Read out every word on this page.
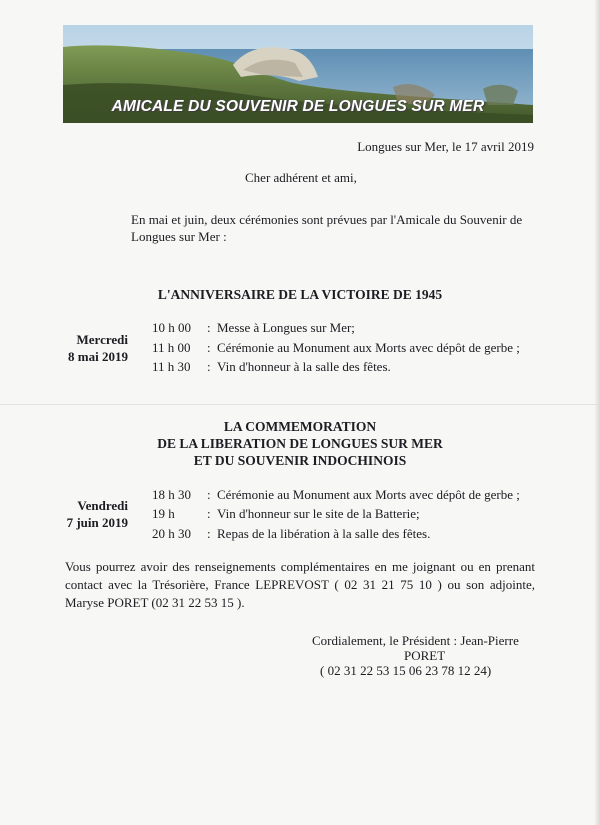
AMICALE DU SOUVENIR DE LONGUES SUR MER
Longues sur Mer, le 17 avril 2019
Cher adhérent et ami,
En mai et juin, deux cérémonies sont prévues par l'Amicale du Souvenir de Longues sur Mer :
L'ANNIVERSAIRE DE LA VICTOIRE DE 1945
Mercredi
8 mai 2019
10 h 00 : Messe à Longues sur Mer;
11 h 00 : Cérémonie au Monument aux Morts avec dépôt de gerbe ;
11 h 30 : Vin d'honneur à la salle des fêtes.
LA COMMEMORATION
DE LA LIBERATION DE LONGUES SUR MER
ET DU SOUVENIR INDOCHINOIS
Vendredi
7 juin 2019
18 h 30 : Cérémonie au Monument aux Morts avec dépôt de gerbe ;
19 h : Vin d'honneur sur le site de la Batterie;
20 h 30 : Repas de la libération à la salle des fêtes.
Vous pourrez avoir des renseignements complémentaires en me joignant ou en prenant contact avec la Trésorière, France LEPREVOST ( 02 31 21 75 10 ) ou son adjointe, Maryse PORET (02 31 22 53 15 ).
Cordialement, le Président : Jean-Pierre
PORET
( 02 31 22 53 15 06 23 78 12 24)
